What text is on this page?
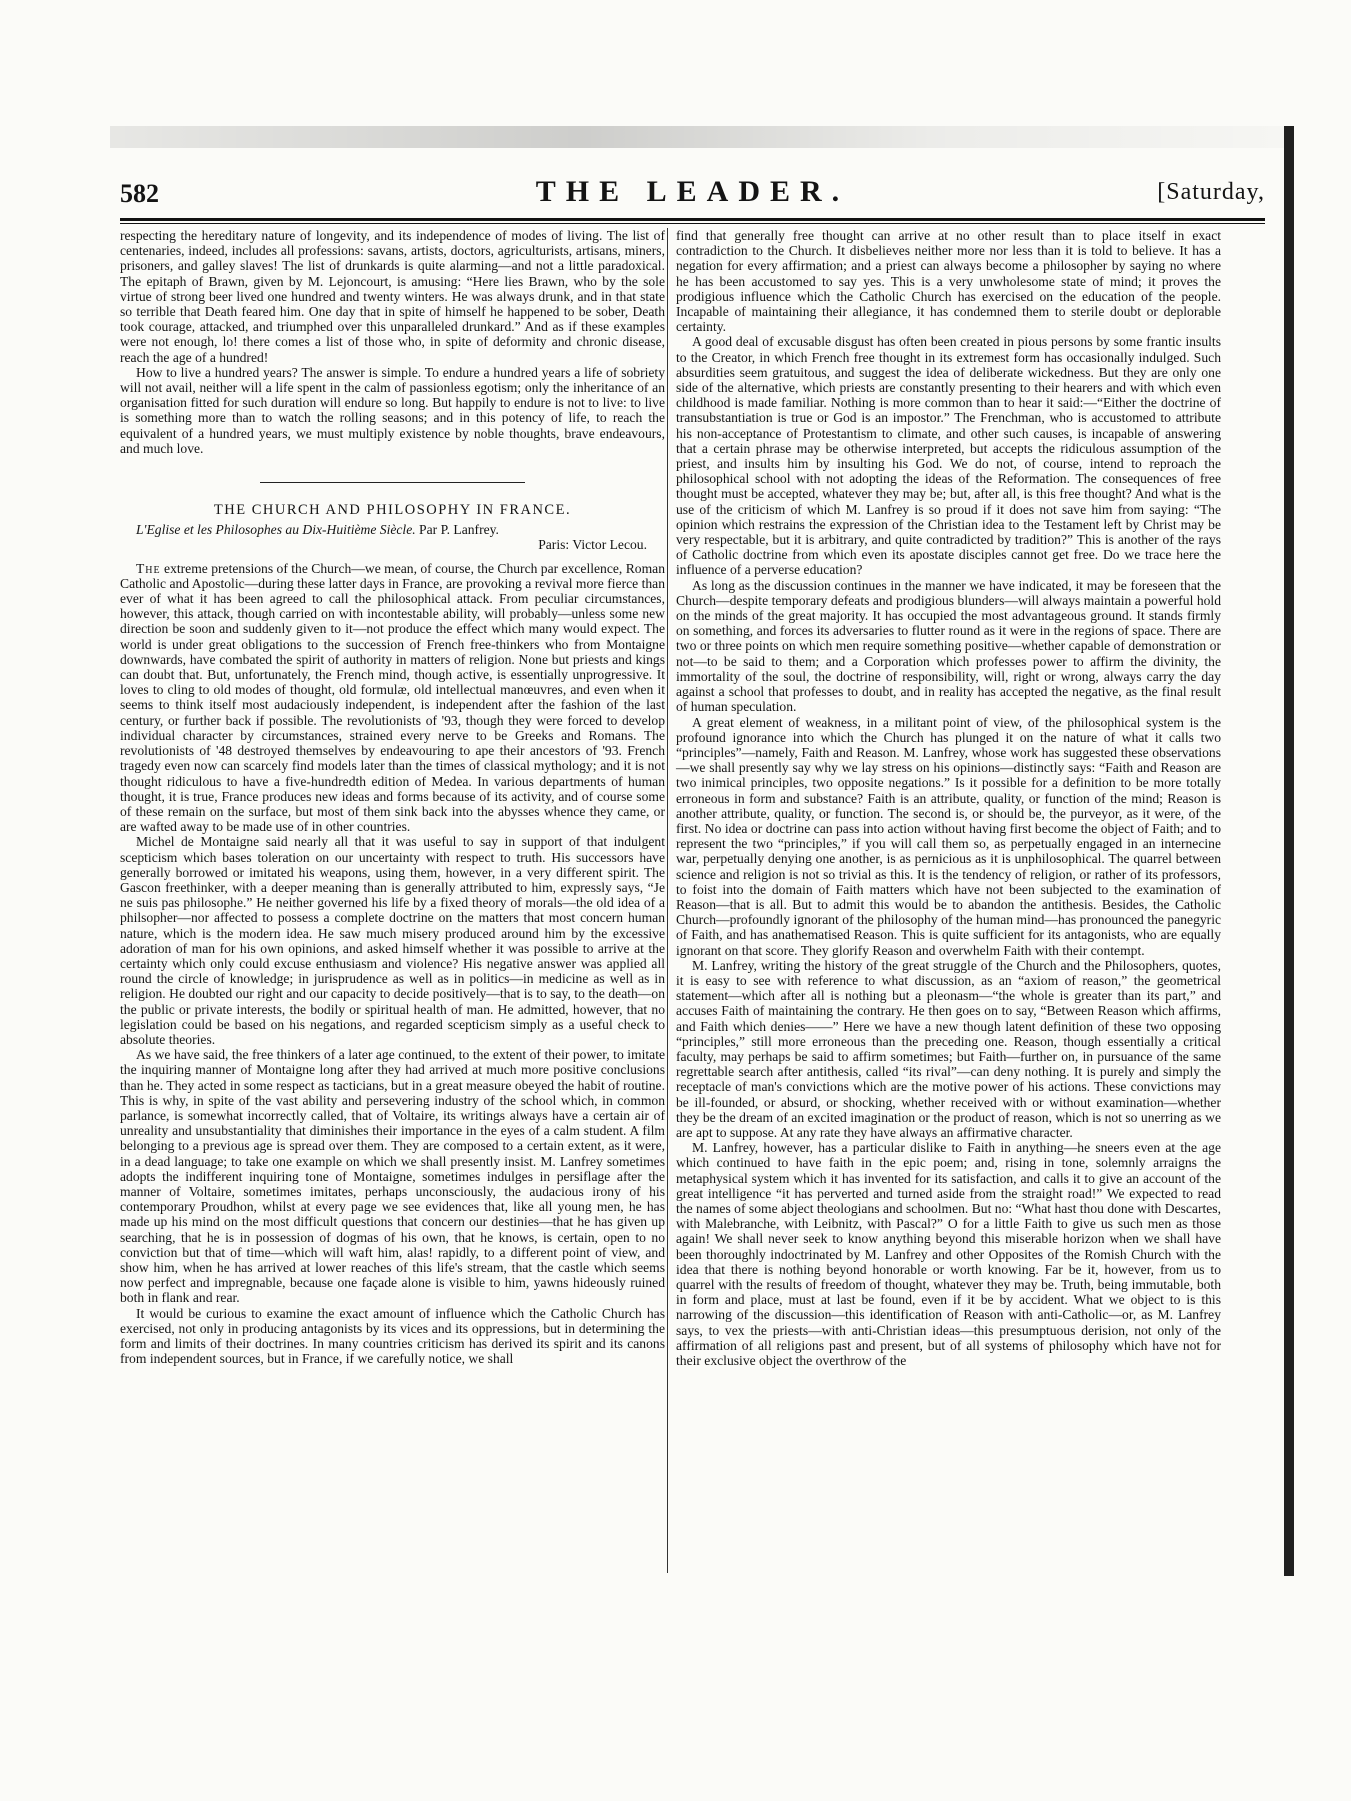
582	THE LEADER.	[Saturday,

respecting the hereditary nature of longevity, and its independence of modes of living. The list of centenaries, indeed, includes all professions: savans, artists, doctors, agriculturists, artisans, miners, prisoners, and galley slaves! The list of drunkards is quite alarming—and not a little paradoxical. The epitaph of Brawn, given by M. Lejoncourt, is amusing: “Here lies Brawn, who by the sole virtue of strong beer lived one hundred and twenty winters. He was always drunk, and in that state so terrible that Death feared him. One day that in spite of himself he happened to be sober, Death took courage, attacked, and triumphed over this unparalleled drunkard.” And as if these examples were not enough, lo! there comes a list of those who, in spite of deformity and chronic disease, reach the age of a hundred!

How to live a hundred years? The answer is simple. To endure a hundred years a life of sobriety will not avail, neither will a life spent in the calm of passionless egotism; only the inheritance of an organisation fitted for such duration will endure so long. But happily to endure is not to live: to live is something more than to watch the rolling seasons; and in this potency of life, to reach the equivalent of a hundred years, we must multiply existence by noble thoughts, brave endeavours, and much love.

THE CHURCH AND PHILOSOPHY IN FRANCE.

L'Eglise et les Philosophes au Dix-Huitième Siècle. Par P. Lanfrey.

Paris: Victor Lecou.

The extreme pretensions of the Church—we mean, of course, the Church par excellence, Roman Catholic and Apostolic—during these latter days in France, are provoking a revival more fierce than ever of what it has been agreed to call the philosophical attack. From peculiar circumstances, however, this attack, though carried on with incontestable ability, will probably—unless some new direction be soon and suddenly given to it—not produce the effect which many would expect. The world is under great obligations to the succession of French free-thinkers who from Montaigne downwards, have combated the spirit of authority in matters of religion. None but priests and kings can doubt that. But, unfortunately, the French mind, though active, is essentially unprogressive. It loves to cling to old modes of thought, old formulæ, old intellectual manœuvres, and even when it seems to think itself most audaciously independent, is independent after the fashion of the last century, or further back if possible. The revolutionists of '93, though they were forced to develop individual character by circumstances, strained every nerve to be Greeks and Romans. The revolutionists of '48 destroyed themselves by endeavouring to ape their ancestors of '93. French tragedy even now can scarcely find models later than the times of classical mythology; and it is not thought ridiculous to have a five-hundredth edition of Medea. In various departments of human thought, it is true, France produces new ideas and forms because of its activity, and of course some of these remain on the surface, but most of them sink back into the abysses whence they came, or are wafted away to be made use of in other countries.

Michel de Montaigne said nearly all that it was useful to say in support of that indulgent scepticism which bases toleration on our uncertainty with respect to truth. His successors have generally borrowed or imitated his weapons, using them, however, in a very different spirit. The Gascon freethinker, with a deeper meaning than is generally attributed to him, expressly says, “Je ne suis pas philosophe.” He neither governed his life by a fixed theory of morals—the old idea of a philsopher—nor affected to possess a complete doctrine on the matters that most concern human nature, which is the modern idea. He saw much misery produced around him by the excessive adoration of man for his own opinions, and asked himself whether it was possible to arrive at the certainty which only could excuse enthusiasm and violence? His negative answer was applied all round the circle of knowledge; in jurisprudence as well as in politics—in medicine as well as in religion. He doubted our right and our capacity to decide positively—that is to say, to the death—on the public or private interests, the bodily or spiritual health of man. He admitted, however, that no legislation could be based on his negations, and regarded scepticism simply as a useful check to absolute theories.

As we have said, the free thinkers of a later age continued, to the extent of their power, to imitate the inquiring manner of Montaigne long after they had arrived at much more positive conclusions than he. They acted in some respect as tacticians, but in a great measure obeyed the habit of routine. This is why, in spite of the vast ability and persevering industry of the school which, in common parlance, is somewhat incorrectly called, that of Voltaire, its writings always have a certain air of unreality and unsubstantiality that diminishes their importance in the eyes of a calm student. A film belonging to a previous age is spread over them. They are composed to a certain extent, as it were, in a dead language; to take one example on which we shall presently insist. M. Lanfrey sometimes adopts the indifferent inquiring tone of Montaigne, sometimes indulges in persiflage after the manner of Voltaire, sometimes imitates, perhaps unconsciously, the audacious irony of his contemporary Proudhon, whilst at every page we see evidences that, like all young men, he has made up his mind on the most difficult questions that concern our destinies—that he has given up searching, that he is in possession of dogmas of his own, that he knows, is certain, open to no conviction but that of time—which will waft him, alas! rapidly, to a different point of view, and show him, when he has arrived at lower reaches of this life's stream, that the castle which seems now perfect and impregnable, because one façade alone is visible to him, yawns hideously ruined both in flank and rear.

It would be curious to examine the exact amount of influence which the Catholic Church has exercised, not only in producing antagonists by its vices and its oppressions, but in determining the form and limits of their doctrines. In many countries criticism has derived its spirit and its canons from independent sources, but in France, if we carefully notice, we shall

find that generally free thought can arrive at no other result than to place itself in exact contradiction to the Church. It disbelieves neither more nor less than it is told to believe. It has a negation for every affirmation; and a priest can always become a philosopher by saying no where he has been accustomed to say yes. This is a very unwholesome state of mind; it proves the prodigious influence which the Catholic Church has exercised on the education of the people. Incapable of maintaining their allegiance, it has condemned them to sterile doubt or deplorable certainty.

A good deal of excusable disgust has often been created in pious persons by some frantic insults to the Creator, in which French free thought in its extremest form has occasionally indulged. Such absurdities seem gratuitous, and suggest the idea of deliberate wickedness. But they are only one side of the alternative, which priests are constantly presenting to their hearers and with which even childhood is made familiar. Nothing is more common than to hear it said:—“Either the doctrine of transubstantiation is true or God is an impostor.” The Frenchman, who is accustomed to attribute his non-acceptance of Protestantism to climate, and other such causes, is incapable of answering that a certain phrase may be otherwise interpreted, but accepts the ridiculous assumption of the priest, and insults him by insulting his God. We do not, of course, intend to reproach the philosophical school with not adopting the ideas of the Reformation. The consequences of free thought must be accepted, whatever they may be; but, after all, is this free thought? And what is the use of the criticism of which M. Lanfrey is so proud if it does not save him from saying: “The opinion which restrains the expression of the Christian idea to the Testament left by Christ may be very respectable, but it is arbitrary, and quite contradicted by tradition?” This is another of the rays of Catholic doctrine from which even its apostate disciples cannot get free. Do we trace here the influence of a perverse education?

As long as the discussion continues in the manner we have indicated, it may be foreseen that the Church—despite temporary defeats and prodigious blunders—will always maintain a powerful hold on the minds of the great majority. It has occupied the most advantageous ground. It stands firmly on something, and forces its adversaries to flutter round as it were in the regions of space. There are two or three points on which men require something positive—whether capable of demonstration or not—to be said to them; and a Corporation which professes power to affirm the divinity, the immortality of the soul, the doctrine of responsibility, will, right or wrong, always carry the day against a school that professes to doubt, and in reality has accepted the negative, as the final result of human speculation.

A great element of weakness, in a militant point of view, of the philosophical system is the profound ignorance into which the Church has plunged it on the nature of what it calls two “principles”—namely, Faith and Reason. M. Lanfrey, whose work has suggested these observations—we shall presently say why we lay stress on his opinions—distinctly says: “Faith and Reason are two inimical principles, two opposite negations.” Is it possible for a definition to be more totally erroneous in form and substance? Faith is an attribute, quality, or function of the mind; Reason is another attribute, quality, or function. The second is, or should be, the purveyor, as it were, of the first. No idea or doctrine can pass into action without having first become the object of Faith; and to represent the two “principles,” if you will call them so, as perpetually engaged in an internecine war, perpetually denying one another, is as pernicious as it is unphilosophical. The quarrel between science and religion is not so trivial as this. It is the tendency of religion, or rather of its professors, to foist into the domain of Faith matters which have not been subjected to the examination of Reason—that is all. But to admit this would be to abandon the antithesis. Besides, the Catholic Church—profoundly ignorant of the philosophy of the human mind—has pronounced the panegyric of Faith, and has anathematised Reason. This is quite sufficient for its antagonists, who are equally ignorant on that score. They glorify Reason and overwhelm Faith with their contempt.

M. Lanfrey, writing the history of the great struggle of the Church and the Philosophers, quotes, it is easy to see with reference to what discussion, as an “axiom of reason,” the geometrical statement—which after all is nothing but a pleonasm—“the whole is greater than its part,” and accuses Faith of maintaining the contrary. He then goes on to say, “Between Reason which affirms, and Faith which denies——” Here we have a new though latent definition of these two opposing “principles,” still more erroneous than the preceding one. Reason, though essentially a critical faculty, may perhaps be said to affirm sometimes; but Faith—further on, in pursuance of the same regrettable search after antithesis, called “its rival”—can deny nothing. It is purely and simply the receptacle of man's convictions which are the motive power of his actions. These convictions may be ill-founded, or absurd, or shocking, whether received with or without examination—whether they be the dream of an excited imagination or the product of reason, which is not so unerring as we are apt to suppose. At any rate they have always an affirmative character.

M. Lanfrey, however, has a particular dislike to Faith in anything—he sneers even at the age which continued to have faith in the epic poem; and, rising in tone, solemnly arraigns the metaphysical system which it has invented for its satisfaction, and calls it to give an account of the great intelligence “it has perverted and turned aside from the straight road!” We expected to read the names of some abject theologians and schoolmen. But no: “What hast thou done with Descartes, with Malebranche, with Leibnitz, with Pascal?” O for a little Faith to give us such men as those again! We shall never seek to know anything beyond this miserable horizon when we shall have been thoroughly indoctrinated by M. Lanfrey and other Opposites of the Romish Church with the idea that there is nothing beyond honorable or worth knowing. Far be it, however, from us to quarrel with the results of freedom of thought, whatever they may be. Truth, being immutable, both in form and place, must at last be found, even if it be by accident. What we object to is this narrowing of the discussion—this identification of Reason with anti-Catholic—or, as M. Lanfrey says, to vex the priests—with anti-Christian ideas—this presumptuous derision, not only of the affirmation of all religions past and present, but of all systems of philosophy which have not for their exclusive object the overthrow of the
